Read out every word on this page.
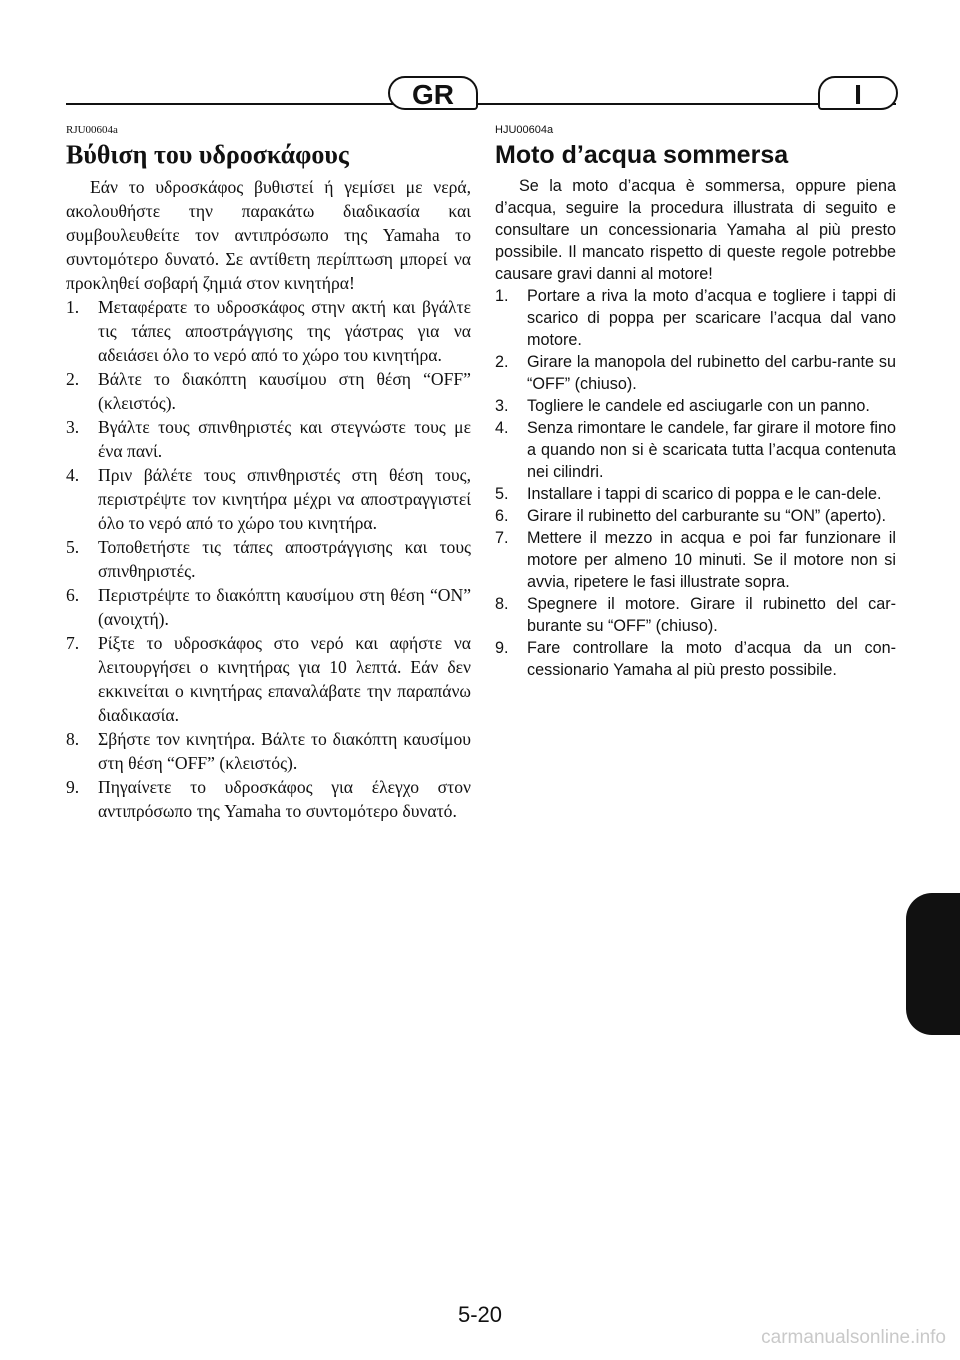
GR	I
RJU00604a
Βύθιση του υδροσκάφους

Εάν το υδροσκάφος βυθιστεί ή γεμίσει με νερά, ακολουθήστε την παρακάτω διαδικασία και συμβουλευθείτε τον αντιπρόσωπο της Yamaha το συντομότερο δυνατό. Σε αντίθετη περίπτωση μπορεί να προκληθεί σοβαρή ζημιά στον κινητήρα!

1.	Μεταφέρατε το υδροσκάφος στην ακτή και βγάλτε τις τάπες αποστράγγισης της γάστρας για να αδειάσει όλο το νερό από το χώρο του κινητήρα.
2.	Βάλτε το διακόπτη καυσίμου στη θέση “OFF” (κλειστός).
3.	Βγάλτε τους σπινθηριστές και στεγνώστε τους με ένα πανί.
4.	Πριν βάλέτε τους σπινθηριστές στη θέση τους, περιστρέψτε τον κινητήρα μέχρι να αποστραγγιστεί όλο το νερό από το χώρο του κινητήρα.
5.	Τοποθετήστε τις τάπες αποστράγγισης και τους σπινθηριστές.
6.	Περιστρέψτε το διακόπτη καυσίμου στη θέση “ON” (ανοιχτή).
7.	Ρίξτε το υδροσκάφος στο νερό και αφήστε να λειτουργήσει ο κινητήρας για 10 λεπτά. Εάν δεν εκκινείται ο κινητήρας επαναλάβατε την παραπάνω διαδικασία.
8.	Σβήστε τον κινητήρα. Βάλτε το διακόπτη καυσίμου στη θέση “OFF” (κλειστός).
9.	Πηγαίνετε το υδροσκάφος για έλεγχο στον αντιπρόσωπο της Yamaha το συντομότερο δυνατό.
HJU00604a
Moto d’acqua sommersa

Se la moto d’acqua è sommersa, oppure piena d’acqua, seguire la procedura illustrata di seguito e consultare un concessionaria Yamaha al più presto possibile. Il mancato rispetto di queste regole potrebbe causare gravi danni al motore!

1.	Portare a riva la moto d’acqua e togliere i tappi di scarico di poppa per scaricare l’acqua dal vano motore.
2.	Girare la manopola del rubinetto del carbu-rante su “OFF” (chiuso).
3.	Togliere le candele ed asciugarle con un panno.
4.	Senza rimontare le candele, far girare il motore fino a quando non si è scaricata tutta l’acqua contenuta nei cilindri.
5.	Installare i tappi di scarico di poppa e le can-dele.
6.	Girare il rubinetto del carburante su “ON” (aperto).
7.	Mettere il mezzo in acqua e poi far funzionare il motore per almeno 10 minuti. Se il motore non si avvia, ripetere le fasi illustrate sopra.
8.	Spegnere il motore. Girare il rubinetto del car-burante su “OFF” (chiuso).
9.	Fare controllare la moto d’acqua da un con-cessionario Yamaha al più presto possibile.
5-20
carmanualsonline.info
